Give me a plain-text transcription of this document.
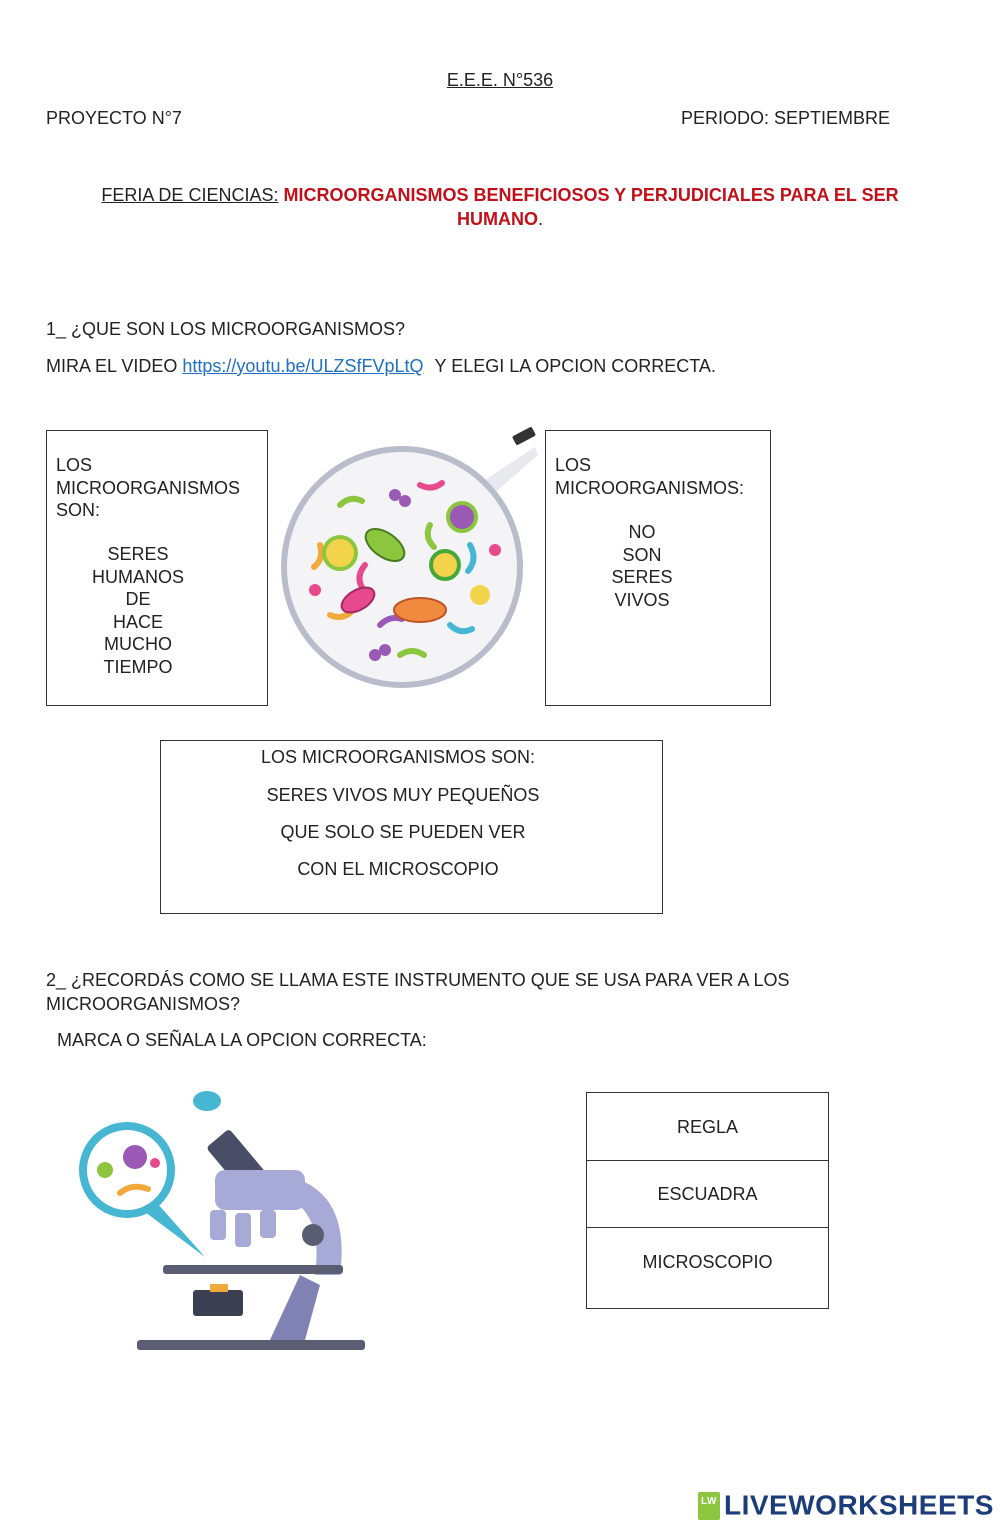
E.E.E. N°536
PROYECTO N°7	PERIODO: SEPTIEMBRE
FERIA DE CIENCIAS: MICROORGANISMOS BENEFICIOSOS Y PERJUDICIALES PARA EL SER
HUMANO.
1_ ¿QUE SON LOS MICROORGANISMOS?
MIRA EL VIDEO https://youtu.be/ULZSfFVpLtQ Y ELEGI LA OPCION CORRECTA.
LOS
MICROORGANISMOS
SON:
SERES
HUMANOS
DE
HACE
MUCHO
TIEMPO
LOS
MICROORGANISMOS:
NO
SON
SERES
VIVOS
LOS MICROORGANISMOS SON:
SERES VIVOS MUY PEQUEÑOS
QUE SOLO SE PUEDEN VER
CON EL MICROSCOPIO
2_ ¿RECORDÁS COMO SE LLAMA ESTE INSTRUMENTO QUE SE USA PARA VER A LOS
MICROORGANISMOS?
MARCA O SEÑALA LA OPCION CORRECTA:
REGLA
ESCUADRA
MICROSCOPIO
LW LIVEWORKSHEETS
